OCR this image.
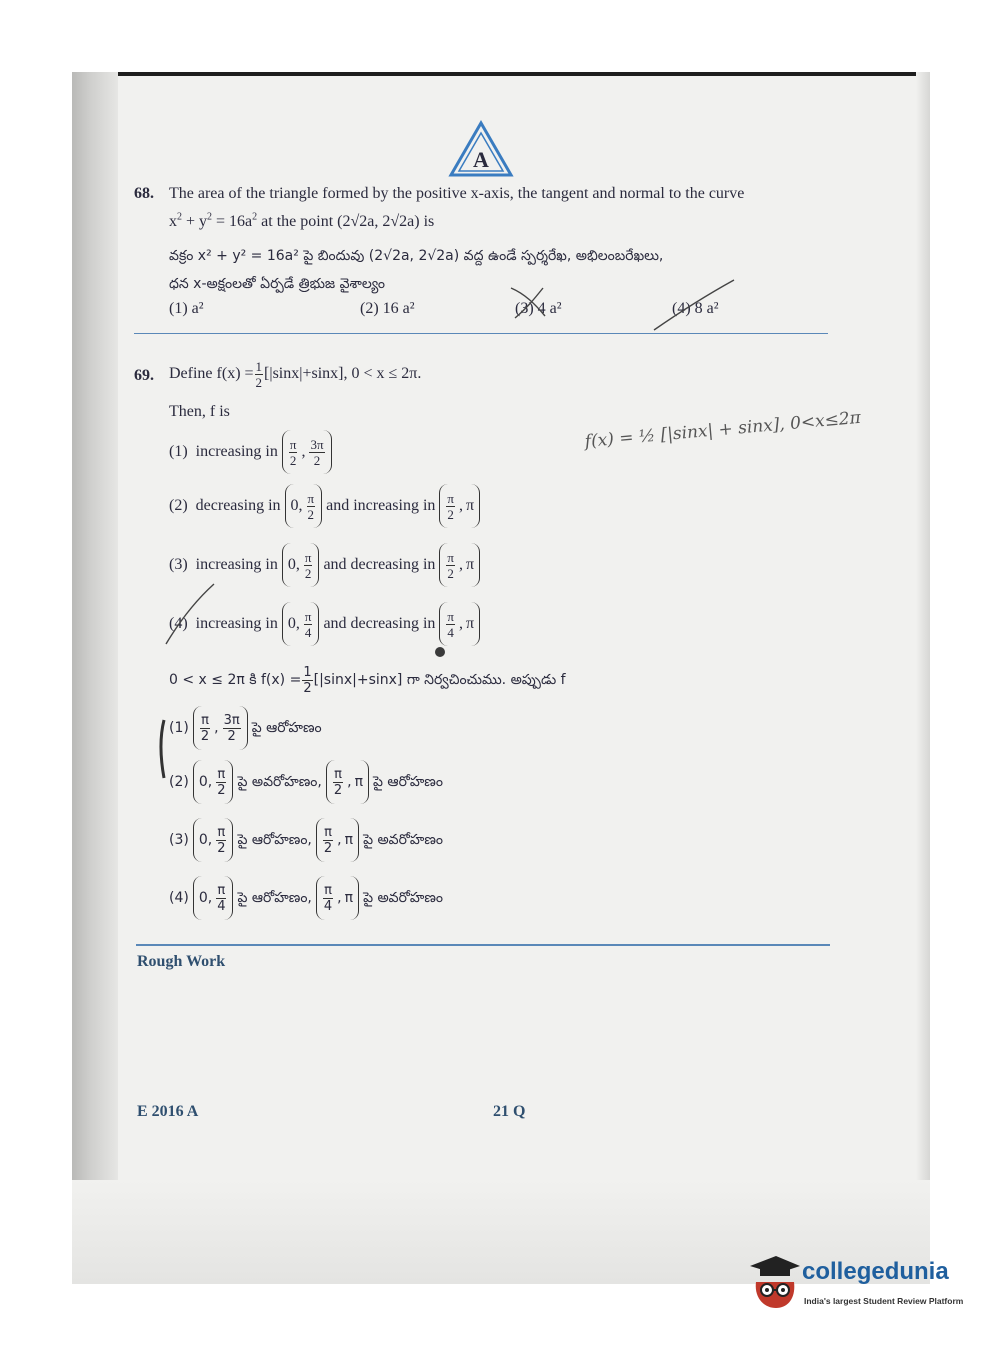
A
68. The area of the triangle formed by the positive x-axis, the tangent and normal to the curve
$x^2 + y^2 = 16a^2$ at the point (2√2a, 2√2a) is
వక్రం x² + y² = 16a² పై బిందువు (2√2a, 2√2a) వద్ద ఉండే స్పర్శరేఖ, అభిలంబరేఖలు,
ధన x-అక్షంలతో ఏర్పడే త్రిభుజ వైశాల్యం
(1) a²	(2) 16 a²	(3) 4 a²	(4) 8 a²
69. Define $f(x) = \frac{1}{2} [|\sin x|+\sin x]$, 0 < x ≤ 2π.
Then, f is
(1) increasing in $\frac{\pi}{2}$ , $\frac{3\pi}{2}$
(2) decreasing in 0, $\frac{\pi}{2}$ and increasing in $\frac{\pi}{2}$ , π
(3) increasing in 0, $\frac{\pi}{2}$ and decreasing in $\frac{\pi}{2}$ , π
(4) increasing in 0, $\frac{\pi}{4}$ and decreasing in $\frac{\pi}{4}$ , π
0 < x ≤ 2π కి $f(x) = \frac{1}{2} [|\sin x|+\sin x]$ గా నిర్వచించుము. అప్పుడు f
$(1) \frac{\pi}{2}$ , $\frac{3\pi}{2}$ పై ఆరోహణం
(2) 0, $\frac{\pi}{2}$ పై అవరోహణం, $\frac{\pi}{2}$ , π పై ఆరోహణం
(3) 0, $\frac{\pi}{2}$ పై ఆరోహణం, $\frac{\pi}{2}$ , π పై అవరోహణం
(4) 0, $\frac{\pi}{4}$ పై ఆరోహణం, $\frac{\pi}{4}$ , π పై అవరోహణం
f(x) = ½ [|sinx| + sinx], 0<x≤2π
Rough Work
E 2016 A	21 Q
collegedunia
India's largest Student Review Platform
